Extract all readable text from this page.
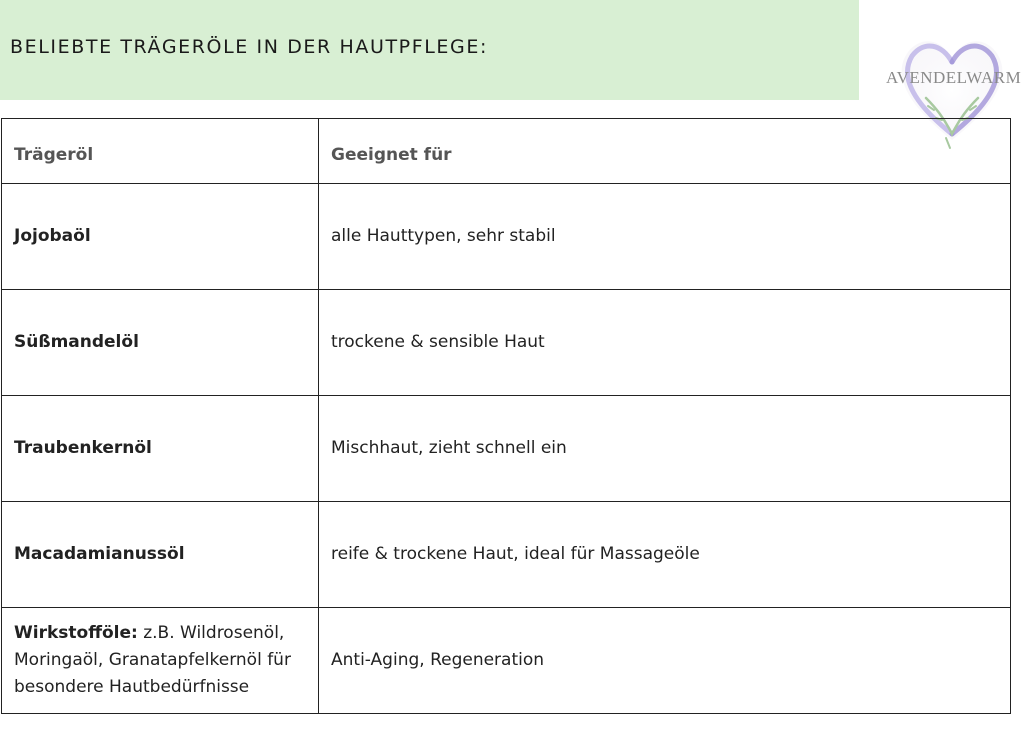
BELIEBTE TRÄGERÖLE IN DER HAUTPFLEGE:
AVENDELWARM
Trägeröl	Geeignet für
Jojobaöl	alle Hauttypen, sehr stabil
Süßmandelöl	trockene & sensible Haut
Traubenkernöl	Mischhaut, zieht schnell ein
Macadamianussöl	reife & trockene Haut, ideal für Massageöle
Wirkstofföle: z.B. Wildrosenöl, Moringaöl, Granatapfelkernöl für besondere Hautbedürfnisse	Anti-Aging, Regeneration
